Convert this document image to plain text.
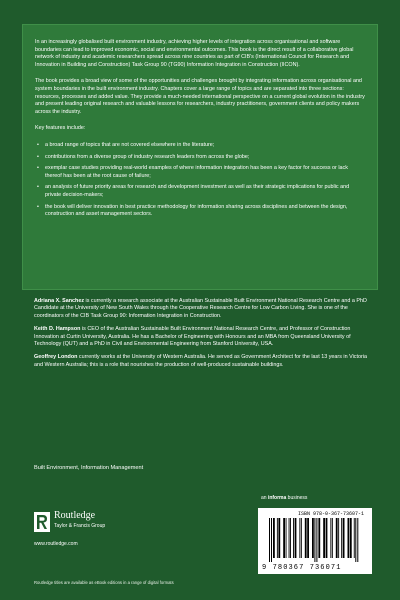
In an increasingly globalised built environment industry, achieving higher levels of integration across organisational and software boundaries can lead to improved economic, social and environmental outcomes. This book is the direct result of a collaborative global network of industry and academic researchers spread across nine countries as part of CIB's (International Council for Research and Innovation in Building and Construction) Task Group 90 (TG90) Information Integration in Construction (IICON).

The book provides a broad view of some of the opportunities and challenges brought by integrating information across organisational and system boundaries in the built environment industry. Chapters cover a large range of topics and are separated into three sections: resources, processes and added value. They provide a much-needed international perspective on a current global evolution in the industry and present leading original research and valuable lessons for researchers, industry practitioners, government clients and policy makers across the industry.

Key features include:

• a broad range of topics that are not covered elsewhere in the literature;
• contributions from a diverse group of industry research leaders from across the globe;
• exemplar case studies providing real-world examples of where information integration has been a key factor for success or lack thereof has been at the root cause of failure;
• an analysis of future priority areas for research and development investment as well as their strategic implications for public and private decision-makers;
• the book will deliver innovation in best practice methodology for information sharing across disciplines and between the design, construction and asset management sectors.

Adriana X. Sanchez is currently a research associate at the Australian Sustainable Built Environment National Research Centre and a PhD Candidate at the University of New South Wales through the Cooperative Research Centre for Low Carbon Living. She is one of the coordinators of the CIB Task Group 90: Information Integration in Construction.

Keith D. Hampson is CEO of the Australian Sustainable Built Environment National Research Centre, and Professor of Construction Innovation at Curtin University, Australia. He has a Bachelor of Engineering with Honours and an MBA from Queensland University of Technology (QUT) and a PhD in Civil and Environmental Engineering from Stanford University, USA.

Geoffrey London currently works at the University of Western Australia. He served as Government Architect for the last 13 years in Victoria and Western Australia; this is a role that nourishes the production of well-produced sustainable buildings.

Built Environment, Information Management
Routledge
Taylor & Francis Group
www.routledge.com
an informa business
ISBN 978-0-367-73607-1
9 780367 736071
Routledge titles are available as eBook editions in a range of digital formats
